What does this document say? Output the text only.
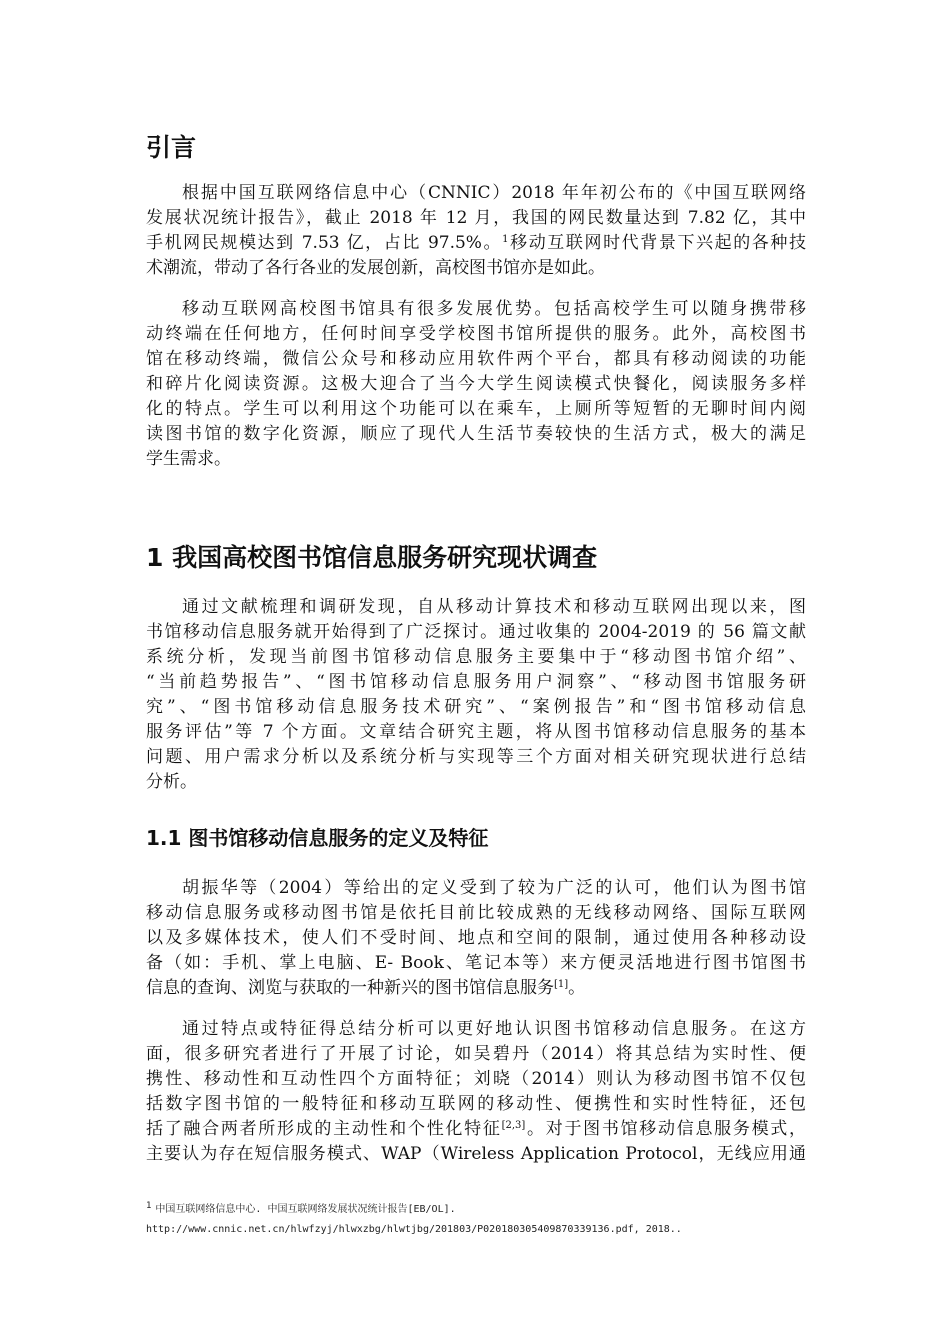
引言
根据中国互联网络信息中心（CNNIC）2018 年年初公布的《中国互联网络
发展状况统计报告》，截止 2018 年 12 月，我国的网民数量达到 7.82 亿，其中
手机网民规模达到 7.53 亿，占比 97.5%。$^1$移动互联网时代背景下兴起的各种技
术潮流，带动了各行各业的发展创新，高校图书馆亦是如此。
移动互联网高校图书馆具有很多发展优势。包括高校学生可以随身携带移
动终端在任何地方，任何时间享受学校图书馆所提供的服务。此外，高校图书
馆在移动终端，微信公众号和移动应用软件两个平台，都具有移动阅读的功能
和碎片化阅读资源。这极大迎合了当今大学生阅读模式快餐化，阅读服务多样
化的特点。学生可以利用这个功能可以在乘车，上厕所等短暂的无聊时间内阅
读图书馆的数字化资源，顺应了现代人生活节奏较快的生活方式，极大的满足
学生需求。
1 我国高校图书馆信息服务研究现状调查
通过文献梳理和调研发现，自从移动计算技术和移动互联网出现以来，图
书馆移动信息服务就开始得到了广泛探讨。通过收集的 2004-2019 的 56 篇文献
系统分析，发现当前图书馆移动信息服务主要集中于“移动图书馆介绍”、
“当前趋势报告”、“图书馆移动信息服务用户洞察”、“移动图书馆服务研
究”、“图书馆移动信息服务技术研究”、“案例报告”和“图书馆移动信息
服务评估”等 7 个方面。文章结合研究主题，将从图书馆移动信息服务的基本
问题、用户需求分析以及系统分析与实现等三个方面对相关研究现状进行总结
分析。
1.1 图书馆移动信息服务的定义及特征
胡振华等（2004）等给出的定义受到了较为广泛的认可，他们认为图书馆
移动信息服务或移动图书馆是依托目前比较成熟的无线移动网络、国际互联网
以及多媒体技术，使人们不受时间、地点和空间的限制，通过使用各种移动设
备（如：手机、掌上电脑、E- Book、笔记本等）来方便灵活地进行图书馆图书
信息的查询、浏览与获取的一种新兴的图书馆信息服务[1]。
通过特点或特征得总结分析可以更好地认识图书馆移动信息服务。在这方
面，很多研究者进行了开展了讨论，如吴碧丹（2014）将其总结为实时性、便
携性、移动性和互动性四个方面特征；刘晓（2014）则认为移动图书馆不仅包
括数字图书馆的一般特征和移动互联网的移动性、便携性和实时性特征，还包
括了融合两者所形成的主动性和个性化特征[2,3]。对于图书馆移动信息服务模式，
主要认为存在短信服务模式、WAP（Wireless Application Protocol，无线应用通
1 中国互联网络信息中心. 中国互联网络发展状况统计报告[EB/OL].
http://www.cnnic.net.cn/hlwfzyj/hlwxzbg/hlwtjbg/201803/P020180305409870339136.pdf, 2018..
